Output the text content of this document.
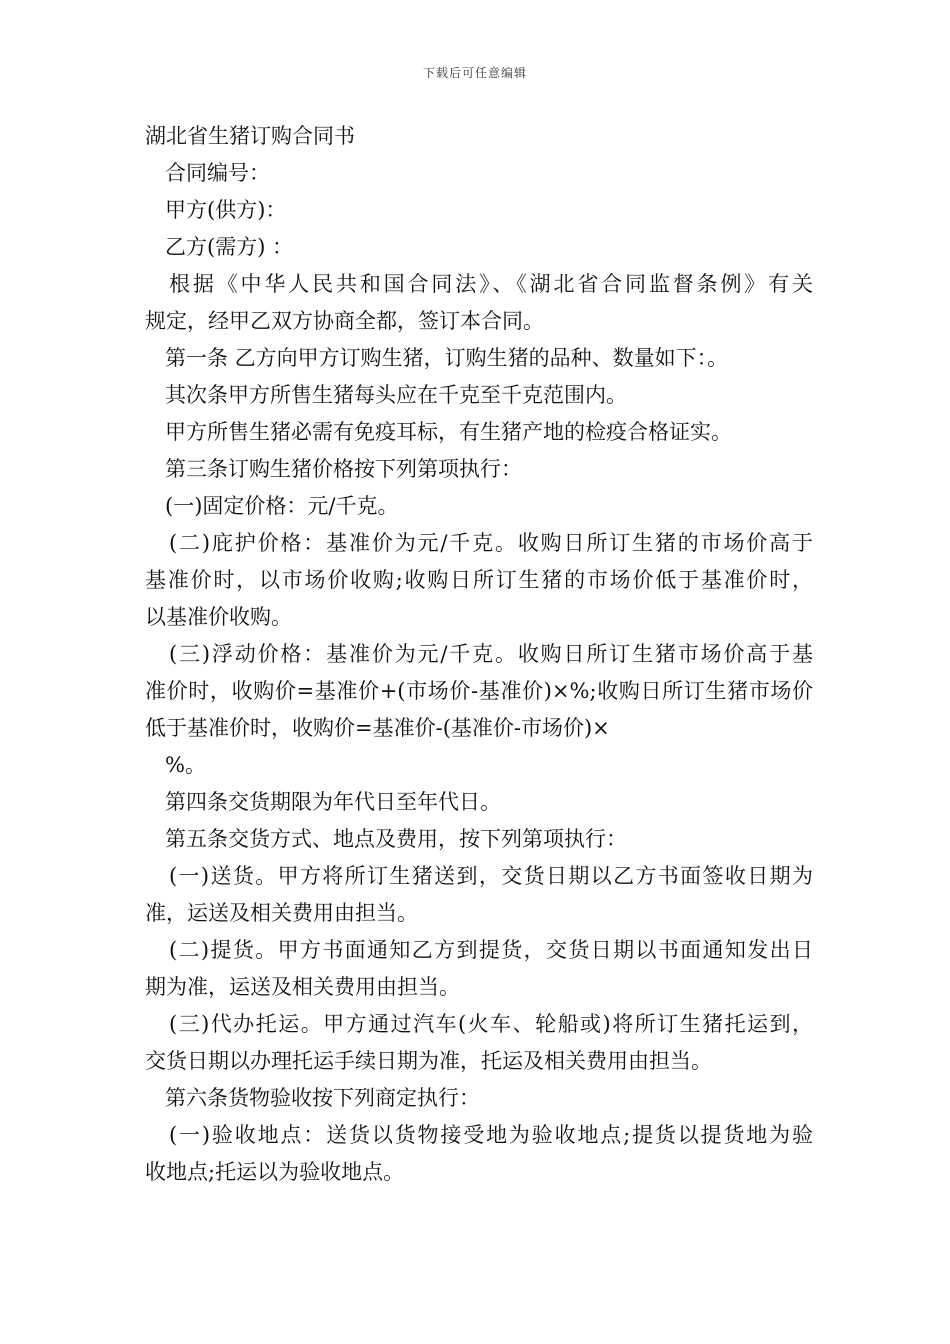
下载后可任意编辑
湖北省生猪订购合同书
合同编号：
甲方(供方)：
乙方(需方) ：
根据《中华人民共和国合同法》、《湖北省合同监督条例》有关
规定，经甲乙双方协商全都，签订本合同。
第一条 乙方向甲方订购生猪，订购生猪的品种、数量如下：。
其次条甲方所售生猪每头应在千克至千克范围内。
甲方所售生猪必需有免疫耳标，有生猪产地的检疫合格证实。
第三条订购生猪价格按下列第项执行：
(一)固定价格：元/千克。
(二)庇护价格：基准价为元/千克。收购日所订生猪的市场价高于
基准价时，以市场价收购;收购日所订生猪的市场价低于基准价时，
以基准价收购。
(三)浮动价格：基准价为元/千克。收购日所订生猪市场价高于基
准价时，收购价=基准价+(市场价-基准价)×%;收购日所订生猪市场价
低于基准价时，收购价=基准价-(基准价-市场价)×
%。
第四条交货期限为年代日至年代日。
第五条交货方式、地点及费用，按下列第项执行：
(一)送货。甲方将所订生猪送到，交货日期以乙方书面签收日期为
准，运送及相关费用由担当。
(二)提货。甲方书面通知乙方到提货，交货日期以书面通知发出日
期为准，运送及相关费用由担当。
(三)代办托运。甲方通过汽车(火车、轮船或)将所订生猪托运到，
交货日期以办理托运手续日期为准，托运及相关费用由担当。
第六条货物验收按下列商定执行：
(一)验收地点：送货以货物接受地为验收地点;提货以提货地为验
收地点;托运以为验收地点。
